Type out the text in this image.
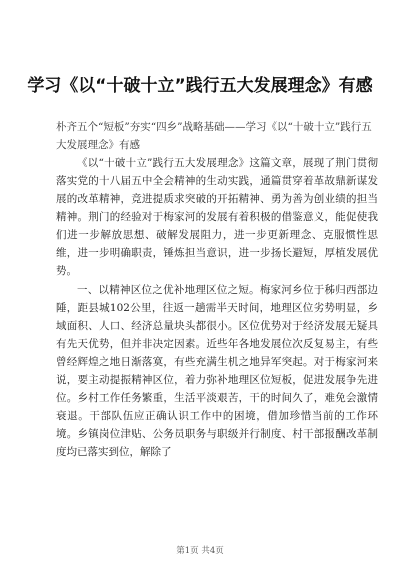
学习《以“十破十立”践行五大发展理念》有感
朴齐五个“短板”夯实“四乡”战略基础——学习《以“十破十立”践行五大发展理念》有感

《以“十破十立”践行五大发展理念》这篇文章，展现了荆门贯彻落实党的十八届五中全会精神的生动实践，通篇贯穿着革故鼎新谋发展的改革精神，竞进提质求突破的开拓精神、勇为善为创业绩的担当精神。荆门的经验对于梅家河的发展有着积极的借鉴意义，能促使我们进一步解放思想、破解发展阻力，进一步更新理念、克服惯性思维，进一步明确职责，锤炼担当意识，进一步扬长避短，厚植发展优势。

一、以精神区位之优补地理区位之短。梅家河乡位于秭归西部边陲，距县城102公里，往返一趟需半天时间，地理区位劣势明显，乡域面积、人口、经济总量块头都很小。区位优势对于经济发展无疑具有先天优势，但并非决定因素。近些年各地发展位次反复易主，有些曾经辉煌之地日渐落寞，有些充满生机之地异军突起。对于梅家河来说，要主动提振精神区位，着力弥补地理区位短板，促进发展争先进位。乡村工作任务繁重，生活平淡艰苦，干的时间久了，难免会激情衰退。干部队伍应正确认识工作中的困境，借加珍惜当前的工作环境。乡镇岗位津贴、公务员职务与职级并行制度、村干部报酬改革制度均已落实到位，解除了

第1页 共4页
